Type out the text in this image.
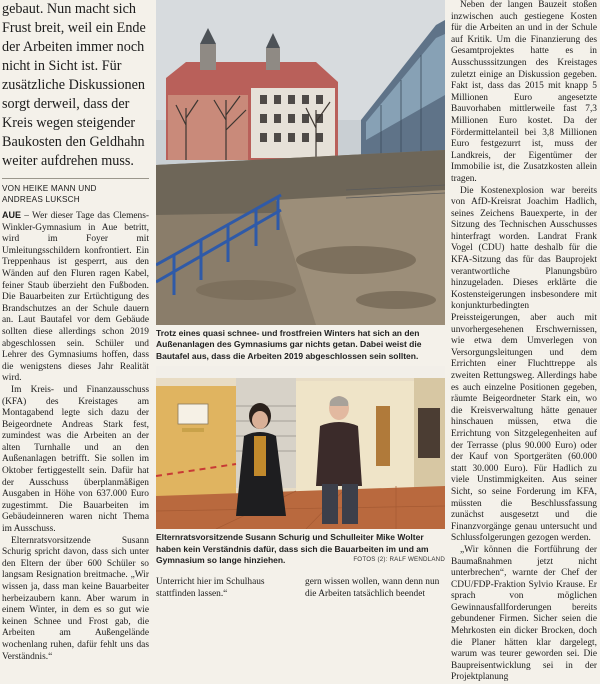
gebaut. Nun macht sich Frust breit, weil ein Ende der Arbeiten immer noch nicht in Sicht ist. Für zusätzliche Diskussionen sorgt derweil, dass der Kreis wegen steigender Baukosten den Geldhahn weiter aufdrehen muss.

VON HEIKE MANN UND
ANDREAS LUKSCH

AUE – Wer dieser Tage das Clemens-Winkler-Gymnasium in Aue betritt, wird im Foyer mit Umleitungsschildern konfrontiert. Ein Treppenhaus ist gesperrt, aus den Wänden auf den Fluren ragen Kabel, feiner Staub überzieht den Fußboden. Die Bauarbeiten zur Ertüchtigung des Brandschutzes an der Schule dauern an. Laut Bautafel vor dem Gebäude sollten diese allerdings schon 2019 abgeschlossen sein. Schüler und Lehrer des Gymnasiums hoffen, dass die wenigstens dieses Jahr Realität wird.

Im Kreis- und Finanzausschuss (KFA) des Kreistages am Montagabend legte sich dazu der Beigeordnete Andreas Stark fest, zumindest was die Arbeiten an der alten Turnhalle und an den Außenanlagen betrifft. Sie sollen im Oktober fertiggestellt sein. Dafür hat der Ausschuss überplanmäßigen Ausgaben in Höhe von 637.000 Euro zugestimmt. Die Bauarbeiten im Gebäudeinneren waren nicht Thema im Ausschuss.

Elternratsvorsitzende Susann Schurig spricht davon, dass sich unter den Eltern der über 600 Schüler so langsam Resignation breitmache. „Wir wissen ja, dass man keine Bauarbeiter herbeizaubern kann. Aber warum in einem Winter, in dem es so gut wie keinen Schnee und Frost gab, die Arbeiten am Außengelände wochenlang ruhen, dafür fehlt uns das Verständnis.“

Trotz eines quasi schnee- und frostfreien Winters hat sich an den Außenanlagen des Gymnasiums gar nichts getan. Dabei weist die Bautafel aus, dass die Arbeiten 2019 abgeschlossen sein sollten.

Elternratsvorsitzende Susann Schurig und Schulleiter Mike Wolter haben kein Verständnis dafür, dass sich die Bauarbeiten im und am Gymnasium so lange hinziehen.	FOTOS (2): RALF WENDLAND
Unterricht hier im Schulhaus stattfinden lassen.“
gern wissen wollen, wann denn nun die Arbeiten tatsächlich beendet

Neben der langen Bauzeit stoßen inzwischen auch gestiegene Kosten für die Arbeiten an und in der Schule auf Kritik. Um die Finanzierung des Gesamtprojektes hatte es in Ausschusssitzungen des Kreistages zuletzt einige an Diskussion gegeben. Fakt ist, dass das 2015 mit knapp 5 Millionen Euro angesetzte Bauvorhaben mittlerweile fast 7,3 Millionen Euro kostet. Da der Fördermittelanteil bei 3,8 Millionen Euro festgezurrt ist, muss der Landkreis, der Eigentümer der Immobilie ist, die Zusatzkosten allein tragen.

Die Kostenexplosion war bereits von AfD-Kreisrat Joachim Hadlich, seines Zeichens Bauexperte, in der Sitzung des Technischen Ausschusses hinterfragt worden. Landrat Frank Vogel (CDU) hatte deshalb für die KFA-Sitzung das für das Bauprojekt verantwortliche Planungsbüro hinzugeladen. Dieses erklärte die Kostensteigerungen insbesondere mit konjunkturbedingten Preissteigerungen, aber auch mit unvorhergesehenen Erschwernissen, wie etwa dem Umverlegen von Versorgungsleitungen und dem Errichten einer Fluchttreppe als zweiten Rettungsweg. Allerdings habe es auch einzelne Positionen gegeben, räumte Beigeordneter Stark ein, wo die Kreisverwaltung hätte genauer hinschauen müssen, etwa die Errichtung von Sitzgelegenheiten auf der Terrasse (plus 90.000 Euro) oder der Kauf von Sportgeräten (60.000 statt 30.000 Euro). Für Hadlich zu viele Unstimmigkeiten. Aus seiner Sicht, so seine Forderung im KFA, müssten die Beschlussfassung zunächst ausgesetzt und die Finanzvorgänge genau untersucht und Schlussfolgerungen gezogen werden.

„Wir können die Fortführung der Baumaßnahmen jetzt nicht unterbrechen“, warnte der Chef der CDU/FDP-Fraktion Sylvio Krause. Er sprach von möglichen Gewinnausfallforderungen bereits gebundener Firmen. Sicher seien die Mehrkosten ein dicker Brocken, doch die Planer hätten klar dargelegt, warum was teurer geworden sei. Die Baupreisentwicklung sei in der Projektplanung
